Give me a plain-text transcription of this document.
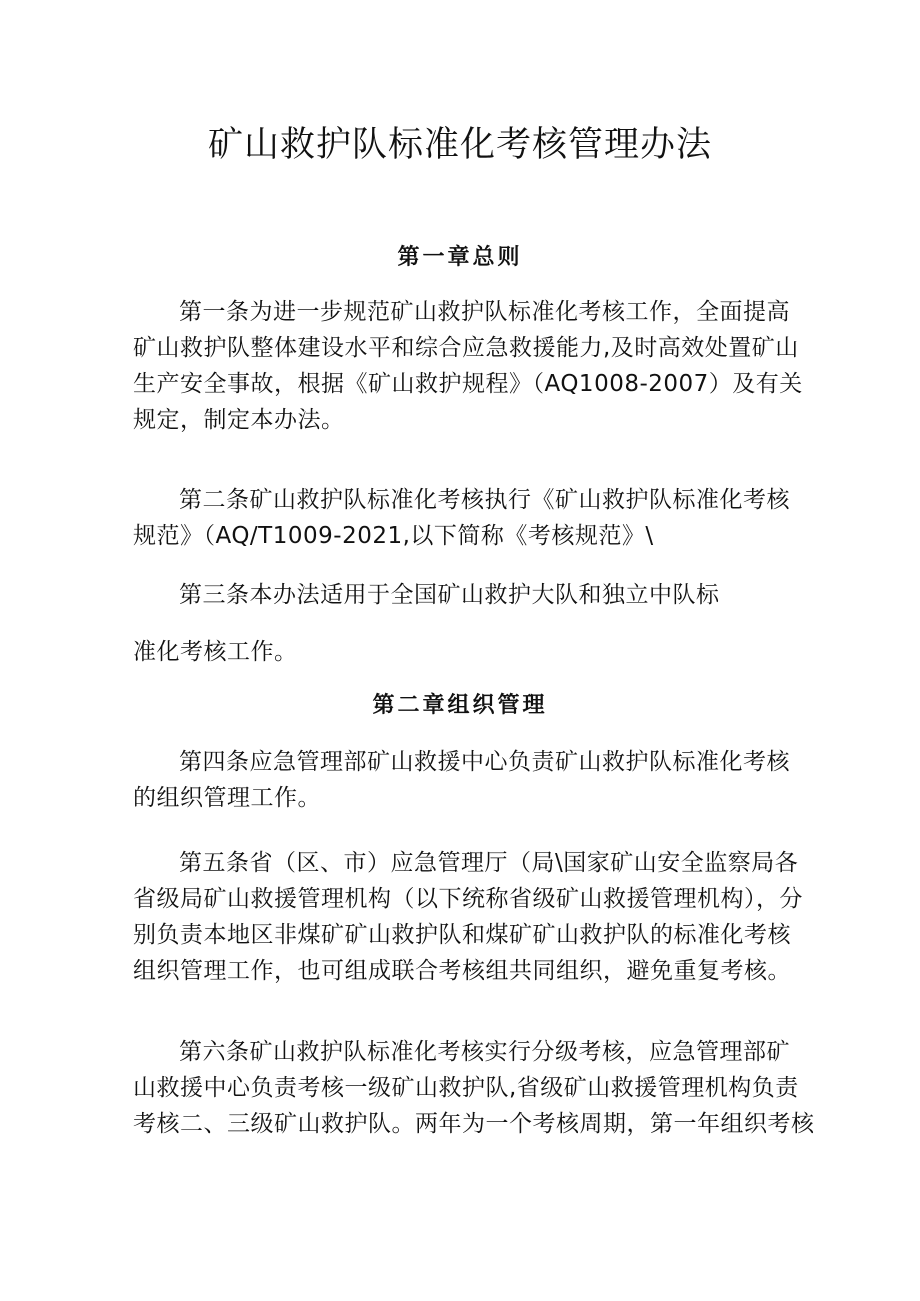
矿山救护队标准化考核管理办法
第一章总则
第一条为进一步规范矿山救护队标准化考核工作，全面提高
矿山救护队整体建设水平和综合应急救援能力,及时高效处置矿山
生产安全事故，根据《矿山救护规程》（AQ1008-2007）及有关
规定，制定本办法。
第二条矿山救护队标准化考核执行《矿山救护队标准化考核
规范》（AQ/T1009-2021,以下简称《考核规范》\
第三条本办法适用于全国矿山救护大队和独立中队标
准化考核工作。
第二章组织管理
第四条应急管理部矿山救援中心负责矿山救护队标准化考核
的组织管理工作。
第五条省（区、市）应急管理厅（局\国家矿山安全监察局各
省级局矿山救援管理机构（以下统称省级矿山救援管理机构），分
别负责本地区非煤矿矿山救护队和煤矿矿山救护队的标准化考核
组织管理工作，也可组成联合考核组共同组织，避免重复考核。
第六条矿山救护队标准化考核实行分级考核，应急管理部矿
山救援中心负责考核一级矿山救护队,省级矿山救援管理机构负责
考核二、三级矿山救护队。两年为一个考核周期，第一年组织考核
